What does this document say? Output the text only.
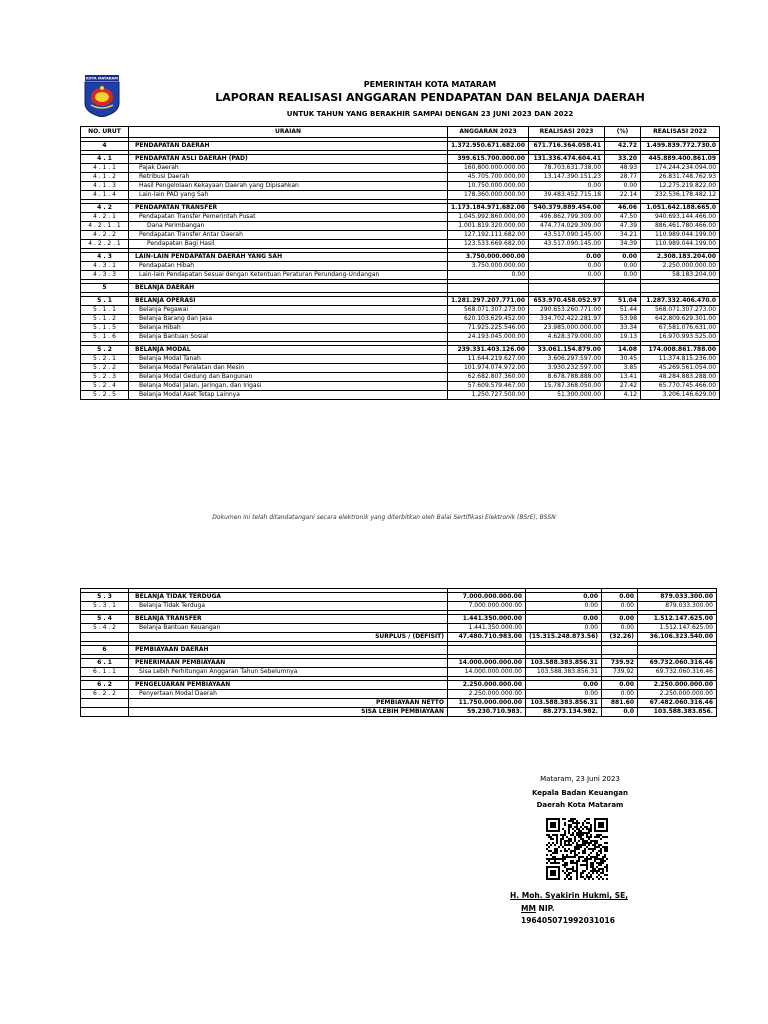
KOTA MATARAM
PEMERINTAH KOTA MATARAM
LAPORAN REALISASI ANGGARAN PENDAPATAN DAN BELANJA DAERAH
UNTUK TAHUN YANG BERAKHIR SAMPAI DENGAN 23 JUNI 2023 DAN 2022
NO. URUT	URAIAN	ANGGARAN 2023	REALISASI 2023	(%)	REALISASI 2022

4	PENDAPATAN DAERAH	1.372.950.671.682.00	671.716.364.058.41	42.72	1.499.839.772.730.0

4 . 1	PENDAPATAN ASLI DAERAH (PAD)	399.615.700.000.00	131.336.474.604.41	33.20	445.889.400.861.09
4 . 1 . 1	Pajak Daerah	160.800.000.000.00	78.703.631.738.00	48.93	174.244.234.094.00
4 . 1 . 2	Retribusi Daerah	45.705.700.000.00	13.147.390.151.23	28.77	26.831.748.762.93
4 . 1 . 3	Hasil Pengelolaan Kekayaan Daerah yang Dipisahkan	10.750.000.000.00	0.00	0.00	12.275.219.822.00
4 . 1 . 4	Lain-lain PAD yang Sah	178.360.000.000.00	39.483.452.715.18	22.14	232.536.178.482.12

4 . 2	PENDAPATAN TRANSFER	1.173.184.971.682.00	540.379.889.454.00	46.06	1.051.642.188.665.0
4 . 2 . 1	Pendapatan Transfer Pemerintah Pusat	1.045.992.860.000.00	496.862.799.309.00	47.50	940.693.144.466.00
4 . 2 . 1 . 1	Dana Perimbangan	1.001.819.320.000.00	474.774.029.309.00	47.39	886.461.780.466.00
4 . 2 . 2	Pendapatan Transfer Antar Daerah	127.192.111.682.00	43.517.090.145.00	34.21	110.989.044.199.00
4 . 2 . 2 . 1	Pendapatan Bagi Hasil	123.533.669.682.00	43.517.090.145.00	34.39	110.989.044.199.00

4 . 3	LAIN-LAIN PENDAPATAN DAERAH YANG SAH	3.750.000.000.00	0.00	0.00	2.308.183.204.00
4 . 3 . 1	Pendapatan Hibah	3.750.000.000.00	0.00	0.00	2.250.000.000.00
4 . 3 . 3	Lain-lain Pendapatan Sesuai dengan Ketentuan Peraturan Perundang-Undangan	0.00	0.00	0.00	58.183.204.00

5	BELANJA DAERAH				

5 . 1	BELANJA OPERASI	1.281.297.207.771.00	653.970.458.052.97	51.04	1.287.332.406.470.0
5 . 1 . 1	Belanja Pegawai	568.071.307.273.00	290.653.260.771.00	51.44	568.071.307.273.00
5 . 1 . 2	Belanja Barang dan Jasa	620.103.629.452.00	334.702.422.281.97	53.98	642.809.629.301.00
5 . 1 . 5	Belanja Hibah	71.925.225.546.00	23.985.000.000.00	33.34	67.581.076.631.00
5 . 1 . 6	Belanja Bantuan Sosial	24.193.045.000.00	4.628.379.000.00	19.13	16.970.993.525.00

5 . 2	BELANJA MODAL	239.331.403.126.00	33.061.154.879.00	14.08	174.008.861.788.00
5 . 2 . 1	Belanja Modal Tanah	11.644.219.627.00	3.606.297.597.00	30.45	11.374.815.236.00
5 . 2 . 2	Belanja Modal Peralatan dan Mesin	101.974.074.972.00	3.930.232.597.00	3.85	45.269.561.054.00
5 . 2 . 3	Belanja Modal Gedung dan Bangunan	62.682.807.360.00	8.678.788.888.00	13.41	48.284.883.288.00
5 . 2 . 4	Belanja Modal Jalan, Jaringan, dan Irigasi	57.609.579.467.00	15.787.368.050.00	27.42	65.770.745.466.00
5 . 2 . 5	Belanja Modal Aset Tetap Lainnya	1.250.727.500.00	51.300.000.00	4.12	3.206.146.629.00
Dokumen ini telah ditandatangani secara elektronik yang diterbitkan oleh Balai Sertifikasi Elektronik (BSrE), BSSN

5 . 3	BELANJA TIDAK TERDUGA	7.000.000.000.00	0.00	0.00	879.033.300.00
5 . 3 . 1	Belanja Tidak Terduga	7.000.000.000.00	0.00	0.00	879.033.300.00

5 . 4	BELANJA TRANSFER	1.441.350.000.00	0.00	0.00	1.512.147.625.00
5 . 4 . 2	Belanja Bantuan Keuangan	1.441.350.000.00	0.00	0.00	1.512.147.625.00
	SURPLUS / (DEFISIT)	47.480.710.983.00	(15.315.248.873.56)	(32.26)	36.106.323.540.00

6	PEMBIAYAAN DAERAH				

6 . 1	PENERIMAAN PEMBIAYAAN	14.000.000.000.00	103.588.383.856.31	739.92	69.732.060.316.46
6 . 1 . 1	Sisa Lebih Perhitungan Anggaran Tahun Sebelumnya	14.000.000.000.00	103.588.383.856.31	739.92	69.732.060.316.46

6 . 2	PENGELUARAN PEMBIAYAAN	2.250.000.000.00	0.00	0.00	2.250.000.000.00
6 . 2 . 2	Penyertaan Modal Daerah	2.250.000.000.00	0.00	0.00	2.250.000.000.00
	PEMBIAYAAN NETTO	11.750.000.000.00	103.588.383.856.31	881.60	67.482.060.316.46
	SISA LEBIH PEMBIAYAAN	59.230.710.983.	88.273.134.982.	0.0	103.588.383.856.
Mataram, 23 Juni 2023
Kepala Badan Keuangan
Daerah Kota Mataram
H. Moh. Syakirin Hukmi, SE,
MM NIP.
196405071992031016
